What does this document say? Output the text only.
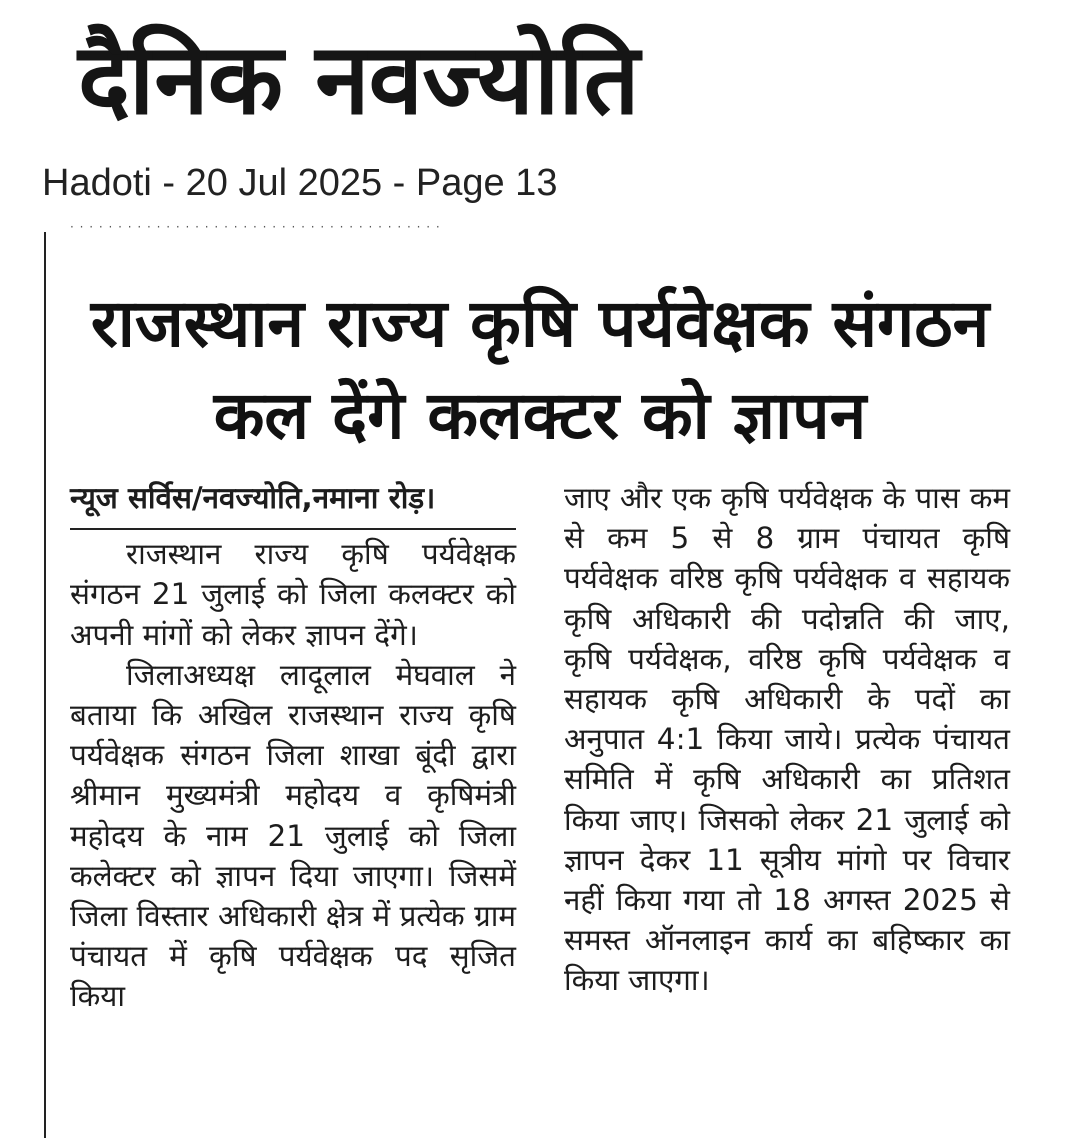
दैनिक नवज्योति
Hadoti - 20 Jul 2025 - Page 13
· · · · · · · · · · · · · · · · · · · · · · · · · · · · · · · · · · · · · · ·
राजस्थान राज्य कृषि पर्यवेक्षक संगठन
कल देंगे कलक्टर को ज्ञापन

न्यूज सर्विस/नवज्योति,नमाना रोड़।

राजस्थान राज्य कृषि पर्यवेक्षक संगठन 21 जुलाई को जिला कलक्टर को अपनी मांगों को लेकर ज्ञापन देंगे।

जिलाअध्यक्ष लादूलाल मेघवाल ने बताया कि अखिल राजस्थान राज्य कृषि पर्यवेक्षक संगठन जिला शाखा बूंदी द्वारा श्रीमान मुख्यमंत्री महोदय व कृषिमंत्री महोदय के नाम 21 जुलाई को जिला कलेक्टर को ज्ञापन दिया जाएगा। जिसमें जिला विस्तार अधिकारी क्षेत्र में प्रत्येक ग्राम पंचायत में कृषि पर्यवेक्षक पद सृजित किया

जाए और एक कृषि पर्यवेक्षक के पास कम से कम 5 से 8 ग्राम पंचायत कृषि पर्यवेक्षक वरिष्ठ कृषि पर्यवेक्षक व सहायक कृषि अधिकारी की पदोन्नति की जाए, कृषि पर्यवेक्षक, वरिष्ठ कृषि पर्यवेक्षक व सहायक कृषि अधिकारी के पदों का अनुपात 4:1 किया जाये। प्रत्येक पंचायत समिति में कृषि अधिकारी का प्रतिशत किया जाए। जिसको लेकर 21 जुलाई को ज्ञापन देकर 11 सूत्रीय मांगो पर विचार नहीं किया गया तो 18 अगस्त 2025 से समस्त ऑनलाइन कार्य का बहिष्कार का किया जाएगा।
